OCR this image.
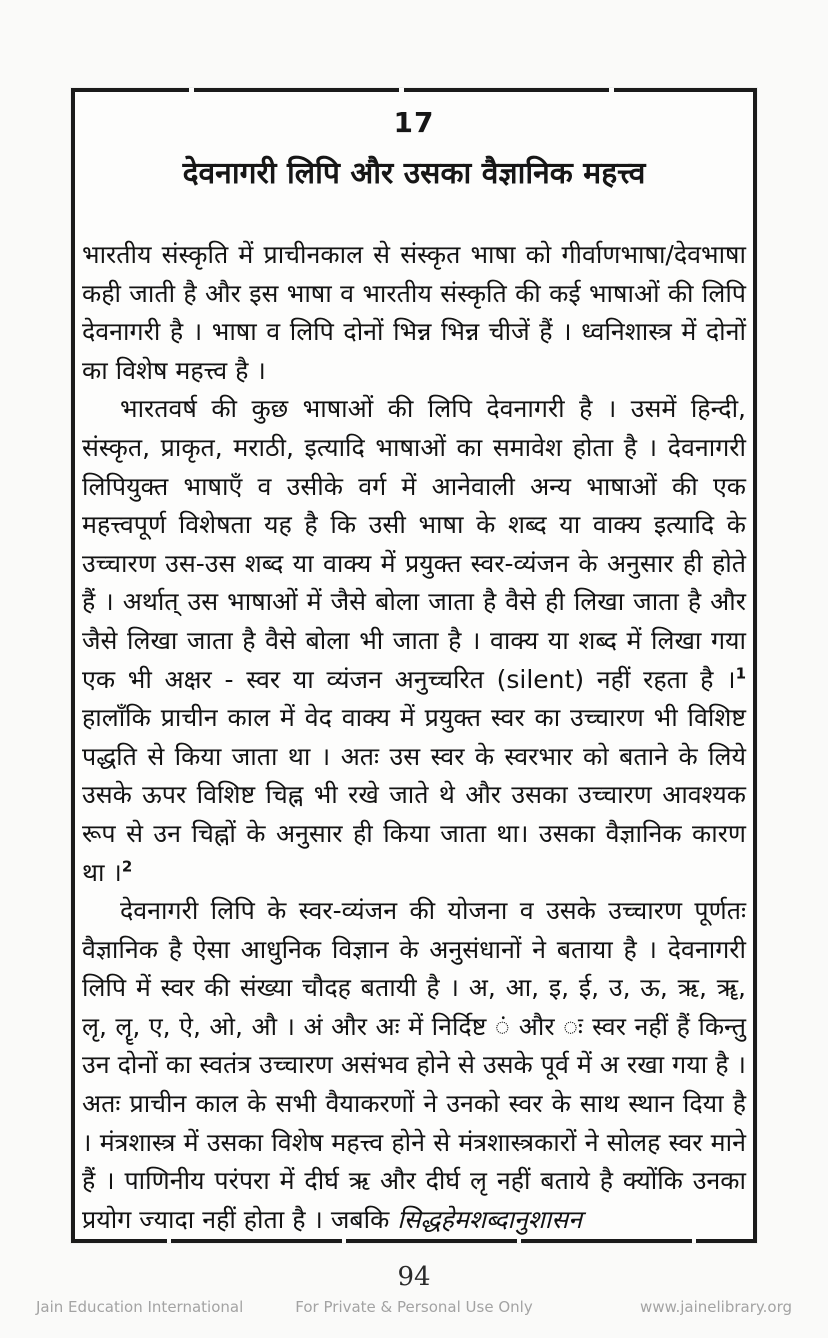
17
देवनागरी लिपि और उसका वैज्ञानिक महत्त्व

भारतीय संस्कृति में प्राचीनकाल से संस्कृत भाषा को गीर्वाणभाषा/देवभाषा कही जाती है और इस भाषा व भारतीय संस्कृति की कई भाषाओं की लिपि देवनागरी है । भाषा व लिपि दोनों भिन्न भिन्न चीजें हैं । ध्वनिशास्त्र में दोनों का विशेष महत्त्व है ।

भारतवर्ष की कुछ भाषाओं की लिपि देवनागरी है । उसमें हिन्दी, संस्कृत, प्राकृत, मराठी, इत्यादि भाषाओं का समावेश होता है । देवनागरी लिपियुक्त भाषाएँ व उसीके वर्ग में आनेवाली अन्य भाषाओं की एक महत्त्वपूर्ण विशेषता यह है कि उसी भाषा के शब्द या वाक्य इत्यादि के उच्चारण उस-उस शब्द या वाक्य में प्रयुक्त स्वर-व्यंजन के अनुसार ही होते हैं । अर्थात् उस भाषाओं में जैसे बोला जाता है वैसे ही लिखा जाता है और जैसे लिखा जाता है वैसे बोला भी जाता है । वाक्य या शब्द में लिखा गया एक भी अक्षर - स्वर या व्यंजन अनुच्चरित (silent) नहीं रहता है ।$^1$ हालाँकि प्राचीन काल में वेद वाक्य में प्रयुक्त स्वर का उच्चारण भी विशिष्ट पद्धति से किया जाता था । अतः उस स्वर के स्वरभार को बताने के लिये उसके ऊपर विशिष्ट चिह्न भी रखे जाते थे और उसका उच्चारण आवश्यक रूप से उन चिह्नों के अनुसार ही किया जाता था। उसका वैज्ञानिक कारण था ।$^2$

देवनागरी लिपि के स्वर-व्यंजन की योजना व उसके उच्चारण पूर्णतः वैज्ञानिक है ऐसा आधुनिक विज्ञान के अनुसंधानों ने बताया है । देवनागरी लिपि में स्वर की संख्या चौदह बतायी है । अ, आ, इ, ई, उ, ऊ, ऋ, ॠ, लृ, लॄ, ए, ऐ, ओ, औ । अं और अः में निर्दिष्ट ◌ं और ◌ः स्वर नहीं हैं किन्तु उन दोनों का स्वतंत्र उच्चारण असंभव होने से उसके पूर्व में अ रखा गया है । अतः प्राचीन काल के सभी वैयाकरणों ने उनको स्वर के साथ स्थान दिया है । मंत्रशास्त्र में उसका विशेष महत्त्व होने से मंत्रशास्त्रकारों ने सोलह स्वर माने हैं । पाणिनीय परंपरा में दीर्घ ऋ और दीर्घ लृ नहीं बताये है क्योंकि उनका प्रयोग ज्यादा नहीं होता है । जबकि सिद्धहेमशब्दानुशासन

94
Jain Education International	For Private & Personal Use Only	www.jainelibrary.org
